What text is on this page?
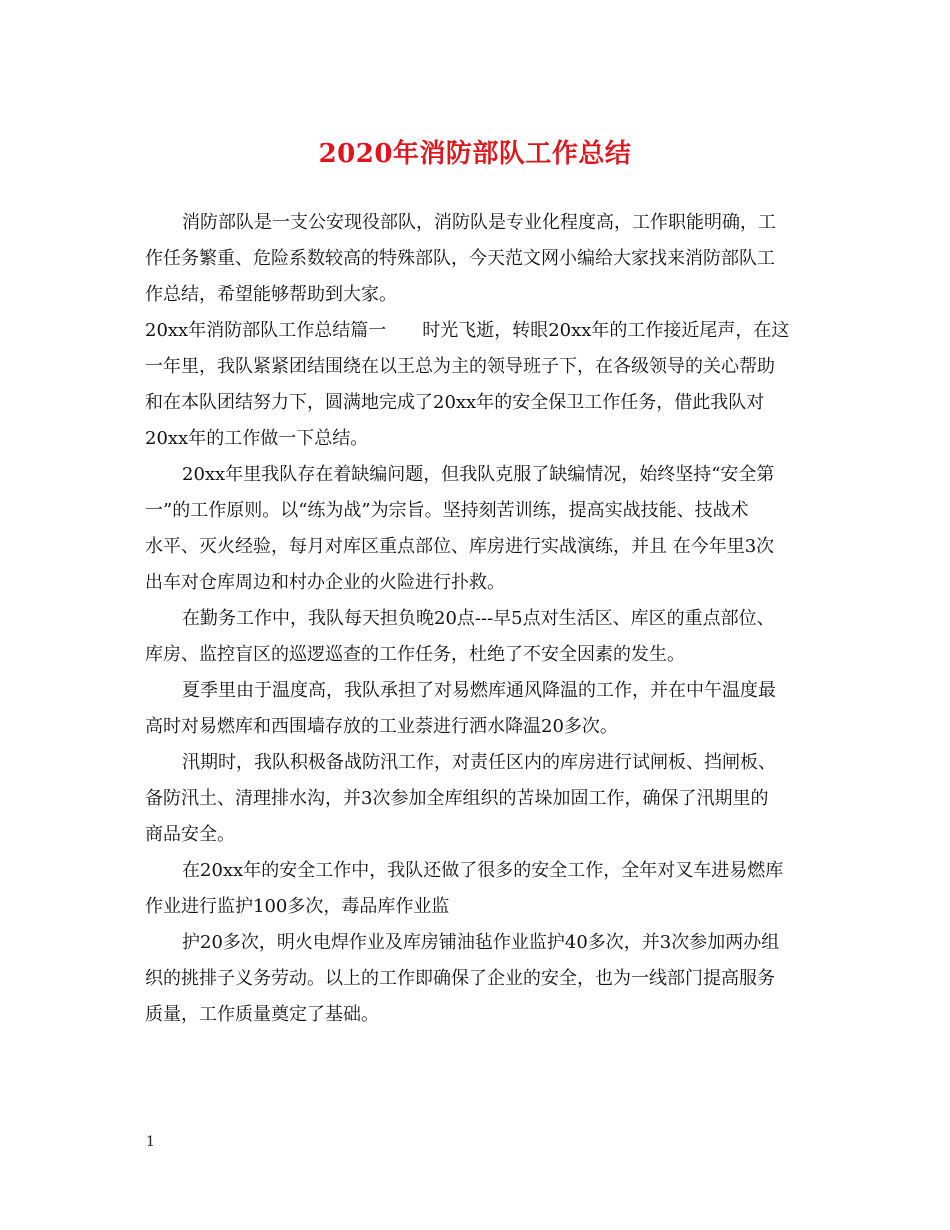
2020年消防部队工作总结
消防部队是一支公安现役部队，消防队是专业化程度高，工作职能明确，工
作任务繁重、危险系数较高的特殊部队，今天范文网小编给大家找来消防部队工
作总结，希望能够帮助到大家。
20xx年消防部队工作总结篇一　　时光飞逝，转眼20xx年的工作接近尾声，在这
一年里，我队紧紧团结围绕在以王总为主的领导班子下，在各级领导的关心帮助
和在本队团结努力下，圆满地完成了20xx年的安全保卫工作任务，借此我队对
20xx年的工作做一下总结。
20xx年里我队存在着缺编问题，但我队克服了缺编情况，始终坚持“安全第
一”的工作原则。以“练为战”为宗旨。坚持刻苦训练，提高实战技能、技战术
水平、灭火经验，每月对库区重点部位、库房进行实战演练，并且 在今年里3次
出车对仓库周边和村办企业的火险进行扑救。
在勤务工作中，我队每天担负晚20点---早5点对生活区、库区的重点部位、
库房、监控盲区的巡逻巡查的工作任务，杜绝了不安全因素的发生。
夏季里由于温度高，我队承担了对易燃库通风降温的工作，并在中午温度最
高时对易燃库和西围墙存放的工业萘进行洒水降温20多次。
汛期时，我队积极备战防汛工作，对责任区内的库房进行试闸板、挡闸板、
备防汛土、清理排水沟，并3次参加全库组织的苫垛加固工作，确保了汛期里的
商品安全。
在20xx年的安全工作中，我队还做了很多的安全工作，全年对叉车进易燃库
作业进行监护100多次，毒品库作业监
护20多次，明火电焊作业及库房铺油毡作业监护40多次，并3次参加两办组
织的挑排子义务劳动。以上的工作即确保了企业的安全，也为一线部门提高服务
质量，工作质量奠定了基础。
1
